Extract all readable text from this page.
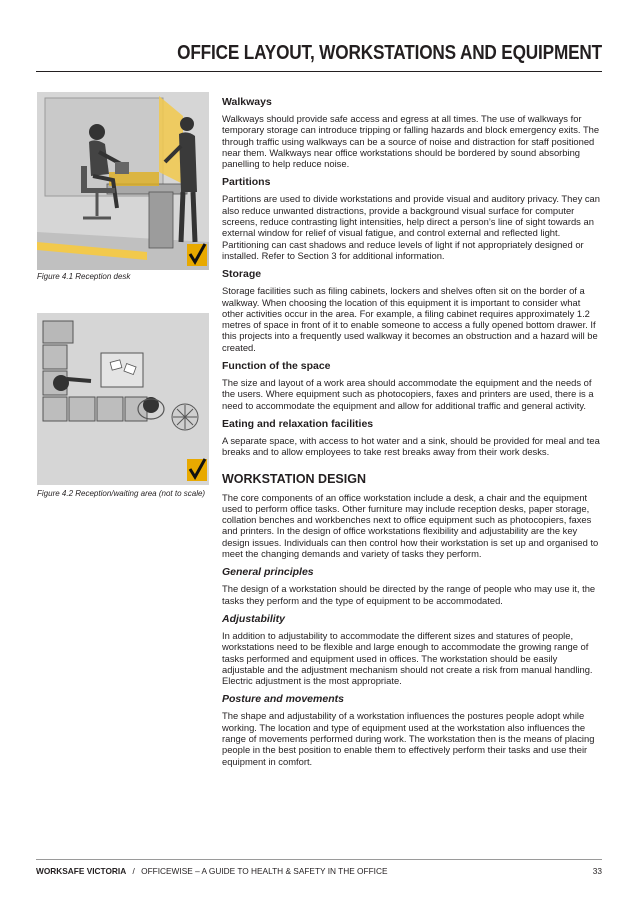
OFFICE LAYOUT, WORKSTATIONS AND EQUIPMENT
Figure 4.1 Reception desk
Figure 4.2 Reception/waiting area (not to scale)
Walkways
Walkways should provide safe access and egress at all times. The use of walkways for temporary storage can introduce tripping or falling hazards and block emergency exits. The through traffic using walkways can be a source of noise and distraction for staff positioned near them. Walkways near office workstations should be bordered by sound absorbing panelling to help reduce noise.
Partitions
Partitions are used to divide workstations and provide visual and auditory privacy. They can also reduce unwanted distractions, provide a background visual surface for computer screens, reduce contrasting light intensities, help direct a person’s line of sight towards an external window for relief of visual fatigue, and control external and reflected light. Partitioning can cast shadows and reduce levels of light if not appropriately designed or installed. Refer to Section 3 for additional information.
Storage
Storage facilities such as filing cabinets, lockers and shelves often sit on the border of a walkway. When choosing the location of this equipment it is important to consider what other activities occur in the area. For example, a filing cabinet requires approximately 1.2 metres of space in front of it to enable someone to access a fully opened bottom drawer. If this projects into a frequently used walkway it becomes an obstruction and a hazard will be created.
Function of the space
The size and layout of a work area should accommodate the equipment and the needs of the users. Where equipment such as photocopiers, faxes and printers are used, there is a need to accommodate the equipment and allow for additional traffic and general activity.
Eating and relaxation facilities
A separate space, with access to hot water and a sink, should be provided for meal and tea breaks and to allow employees to take rest breaks away from their work desks.
WORKSTATION DESIGN
The core components of an office workstation include a desk, a chair and the equipment used to perform office tasks. Other furniture may include reception desks, paper storage, collation benches and workbenches next to office equipment such as photocopiers, faxes and printers. In the design of office workstations flexibility and adjustability are the key design issues. Individuals can then control how their workstation is set up and organised to meet the changing demands and variety of tasks they perform.
General principles
The design of a workstation should be directed by the range of people who may use it, the tasks they perform and the type of equipment to be accommodated.
Adjustability
In addition to adjustability to accommodate the different sizes and statures of people, workstations need to be flexible and large enough to accommodate the growing range of tasks performed and equipment used in offices. The workstation should be easily adjustable and the adjustment mechanism should not create a risk from manual handling. Electric adjustment is the most appropriate.
Posture and movements
The shape and adjustability of a workstation influences the postures people adopt while working. The location and type of equipment used at the workstation also influences the range of movements performed during work. The workstation then is the means of placing people in the best position to enable them to effectively perform their tasks and use their equipment in comfort.
WORKSAFE VICTORIA / OFFICEWISE – A GUIDE TO HEALTH & SAFETY IN THE OFFICE	33
